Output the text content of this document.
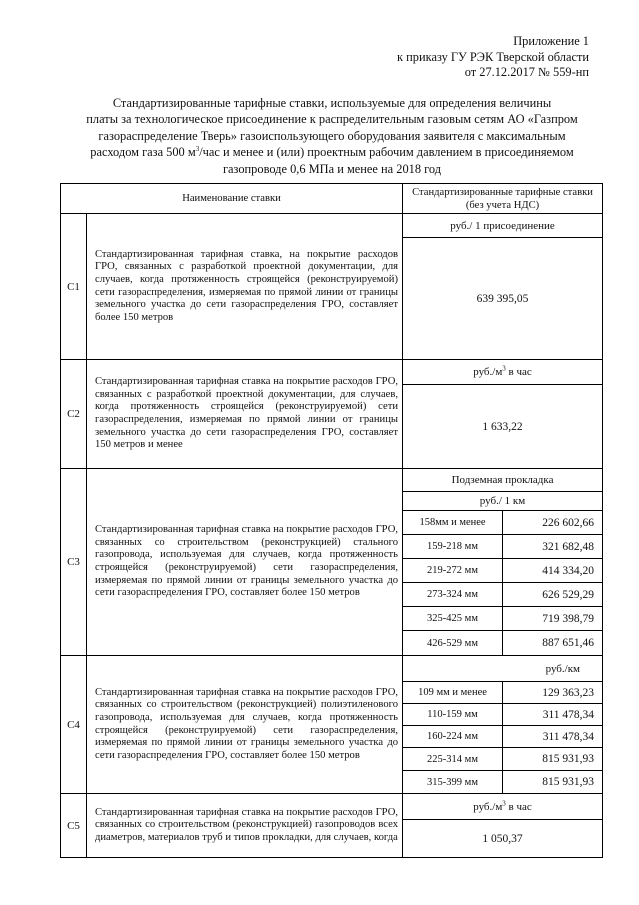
Приложение 1
к приказу ГУ РЭК Тверской области
от 27.12.2017 № 559-нп
Стандартизированные тарифные ставки, используемые для определения величины
платы за технологическое присоединение к распределительным газовым сетям АО «Газпром
газораспределение Тверь» газоиспользующего оборудования заявителя с максимальным
расходом газа 500 $м^3$/час и менее и (или) проектным рабочим давлением в присоединяемом
газопроводе 0,6 МПа и менее на 2018 год
Наименование ставки		Стандартизированные тарифные ставки (без учета НДС)	
С1	Стандартизированная тарифная ставка, на покрытие расходов ГРО, связанных с разработкой проектной документации, для случаев, когда протяженность строящейся (реконструируемой) сети газораспределения, измеряемая по прямой линии от границы земельного участка до сети газораспределения ГРО, составляет более 150 метров	руб./ 1 присоединение	
		639 395,05	
С2	Стандартизированная тарифная ставка на покрытие расходов ГРО, связанных с разработкой проектной документации, для случаев, когда протяженность строящейся (реконструируемой) сети газораспределения, измеряемая по прямой линии от границы земельного участка до сети газораспределения ГРО, составляет 150 метров и менее	$руб./м^3$ в час	
		1 633,22	
С3	Стандартизированная тарифная ставка на покрытие расходов ГРО, связанных со строительством (реконструкцией) стального газопровода, используемая для случаев, когда протяженность строящейся (реконструируемой) сети газораспределения, измеряемая по прямой линии от границы земельного участка до сети газораспределения ГРО, составляет более 150 метров	Подземная прокладка	
		руб./ 1 км	
		158мм и менее	226 602,66
		159-218 мм	321 682,48
		219-272 мм	414 334,20
		273-324 мм	626 529,29
		325-425 мм	719 398,79
		426-529 мм	887 651,46
С4	Стандартизированная тарифная ставка на покрытие расходов ГРО, связанных со строительством (реконструкцией) полиэтиленового газопровода, используемая для случаев, когда протяженность строящейся (реконструируемой) сети газораспределения, измеряемая по прямой линии от границы земельного участка до сети газораспределения ГРО, составляет более 150 метров	руб./км	
		109 мм и менее	129 363,23
		110-159 мм	311 478,34
		160-224 мм	311 478,34
		225-314 мм	815 931,93
		315-399 мм	815 931,93
С5	Стандартизированная тарифная ставка на покрытие расходов ГРО, связанных со строительством (реконструкцией) газопроводов всех диаметров, материалов труб и типов прокладки, для случаев, когда	$руб./м^3$ в час	
		1 050,37	
